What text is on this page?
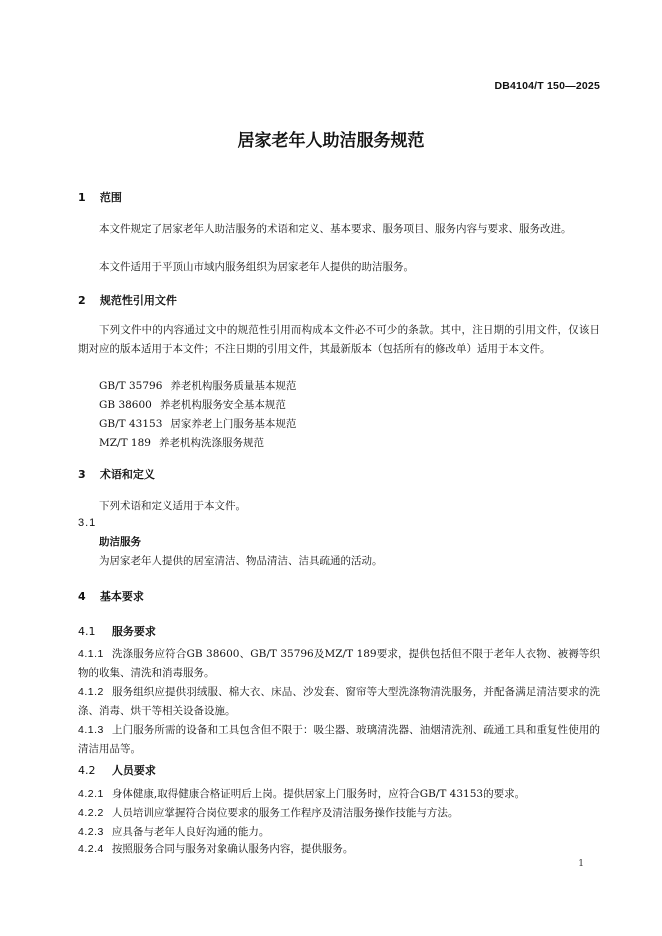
DB4104/T 150—2025
居家老年人助洁服务规范
1 范围
本文件规定了居家老年人助洁服务的术语和定义、基本要求、服务项目、服务内容与要求、服务改进。
本文件适用于平顶山市域内服务组织为居家老年人提供的助洁服务。
2 规范性引用文件
下列文件中的内容通过文中的规范性引用而构成本文件必不可少的条款。其中，注日期的引用文件，仅该日期对应的版本适用于本文件；不注日期的引用文件，其最新版本（包括所有的修改单）适用于本文件。
GB/T 35796 养老机构服务质量基本规范
GB 38600 养老机构服务安全基本规范
GB/T 43153 居家养老上门服务基本规范
MZ/T 189 养老机构洗涤服务规范
3 术语和定义
下列术语和定义适用于本文件。
3.1
助洁服务
为居家老年人提供的居室清洁、物品清洁、洁具疏通的活动。
4 基本要求
4.1 服务要求
4.1.1 洗涤服务应符合GB 38600、GB/T 35796及MZ/T 189要求，提供包括但不限于老年人衣物、被褥等织物的收集、清洗和消毒服务。
4.1.2 服务组织应提供羽绒服、棉大衣、床品、沙发套、窗帘等大型洗涤物清洗服务，并配备满足清洁要求的洗涤、消毒、烘干等相关设备设施。
4.1.3 上门服务所需的设备和工具包含但不限于：吸尘器、玻璃清洗器、油烟清洗剂、疏通工具和重复性使用的清洁用品等。
4.2 人员要求
4.2.1 身体健康,取得健康合格证明后上岗。提供居家上门服务时，应符合GB/T 43153的要求。
4.2.2 人员培训应掌握符合岗位要求的服务工作程序及清洁服务操作技能与方法。
4.2.3 应具备与老年人良好沟通的能力。
4.2.4 按照服务合同与服务对象确认服务内容，提供服务。
1
